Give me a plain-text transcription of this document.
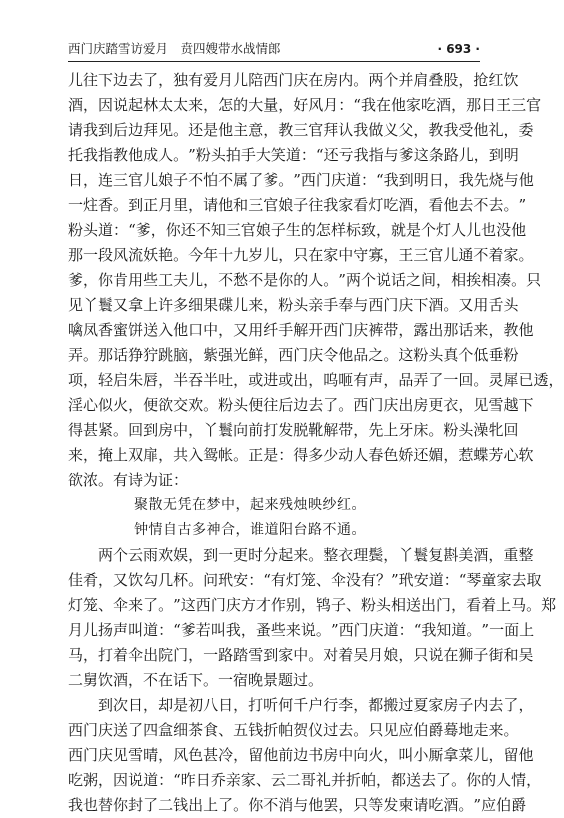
西门庆踏雪访爱月　贲四嫂带水战情郎	· 693 ·
儿 往 下 边 去 了 ， 独 有 爱 月 儿 陪 西 门 庆 在 房 内 。 两 个 并 肩 叠 股 ， 抢 红 饮
酒 ， 因 说 起 林 太 太 来 ， 怎 的 大 量 ， 好 风 月 ： “ 我 在 他 家 吃 酒 ， 那 日 王 三 官
请 我 到 后 边 拜 见 。 还 是 他 主 意 ， 教 三 官 拜 认 我 做 义 父 ， 教 我 受 他 礼 ， 委
托 我 指 教 他 成 人 。 ” 粉 头 拍 手 大 笑 道 ： “ 还 亏 我 指 与 爹 这 条 路 儿 ， 到 明
日 ， 连 三 官 儿 娘 子 不 怕 不 属 了 爹 。 ” 西 门 庆 道 ： “ 我 到 明 日 ， 我 先 烧 与 他
一 炷 香 。 到 正 月 里 ， 请 他 和 三 官 娘 子 往 我 家 看 灯 吃 酒 ， 看 他 去 不 去 。 ”
粉 头 道 ： “ 爹 ， 你 还 不 知 三 官 娘 子 生 的 怎 样 标 致 ， 就 是 个 灯 人 儿 也 没 他
那 一 段 风 流 妖 艳 。 今 年 十 九 岁 儿 ， 只 在 家 中 守 寡 ， 王 三 官 儿 通 不 着 家 。
爹 ， 你 肯 用 些 工 夫 儿 ， 不 愁 不 是 你 的 人 。 ” 两 个 说 话 之 间 ， 相 挨 相 凑 。 只
见 丫 鬟 又 拿 上 许 多 细 果 碟 儿 来 ， 粉 头 亲 手 奉 与 西 门 庆 下 酒 。 又 用 舌 头
噙 凤 香 蜜 饼 送 入 他 口 中 ， 又 用 纤 手 解 开 西 门 庆 裤 带 ， 露 出 那 话 来 ， 教 他
弄 。 那 话 狰 狞 跳 脑 ， 紫 强 光 鲜 ， 西 门 庆 令 他 品 之 。 这 粉 头 真 个 低 垂 粉
项 ， 轻 启 朱 唇 ， 半 吞 半 吐 ， 或 进 或 出 ， 呜 咂 有 声 ， 品 弄 了 一 回 。 灵 犀 已 透 ，
淫 心 似 火 ， 便 欲 交 欢 。 粉 头 便 往 后 边 去 了 。 西 门 庆 出 房 更 衣 ， 见 雪 越 下
得 甚 紧 。 回 到 房 中 ， 丫 鬟 向 前 打 发 脱 靴 解 带 ， 先 上 牙 床 。 粉 头 澡 牝 回
来 ， 掩 上 双 扉 ， 共 入 鸳 帐 。 正 是 ： 得 多 少 动 人 春 色 娇 还 媚 ， 惹 蝶 芳 心 软
欲浓。有诗为证：
聚散无凭在梦中，起来残烛映纱红。
钟情自古多神合，谁道阳台路不通。
两 个 云 雨 欢 娱 ， 到 一 更 时 分 起 来 。 整 衣 理 鬓 ， 丫 鬟 复 斟 美 酒 ， 重 整
佳 肴 ， 又 饮 勾 几 杯 。 问 玳 安 ： “ 有 灯 笼 、 伞 没 有 ？ ” 玳 安 道 ： “ 琴 童 家 去 取
灯 笼 、 伞 来 了 。 ” 这 西 门 庆 方 才 作 别 ， 鸨 子 、 粉 头 相 送 出 门 ， 看 着 上 马 。 郑
月 儿 扬 声 叫 道 ： “ 爹 若 叫 我 ， 蚤 些 来 说 。 ” 西 门 庆 道 ： “ 我 知 道 。 ” 一 面 上
马 ， 打 着 伞 出 院 门 ， 一 路 踏 雪 到 家 中 。 对 着 吴 月 娘 ， 只 说 在 狮 子 街 和 吴
二舅饮酒，不在话下。一宿晚景题过。
到 次 日 ， 却 是 初 八 日 ， 打 听 何 千 户 行 李 ， 都 搬 过 夏 家 房 子 内 去 了 ，
西 门 庆 送 了 四 盒 细 茶 食 、 五 钱 折 帕 贺 仪 过 去 。 只 见 应 伯 爵 蓦 地 走 来 。
西 门 庆 见 雪 晴 ， 风 色 甚 冷 ， 留 他 前 边 书 房 中 向 火 ， 叫 小 厮 拿 菜 儿 ， 留 他
吃 粥 ， 因 说 道 ： “ 昨 日 乔 亲 家 、 云 二 哥 礼 并 折 帕 ， 都 送 去 了 。 你 的 人 情 ，
我 也 替 你 封 了 二 钱 出 上 了 。 你 不 消 与 他 罢 ， 只 等 发 柬 请 吃 酒 。 ” 应 伯 爵
